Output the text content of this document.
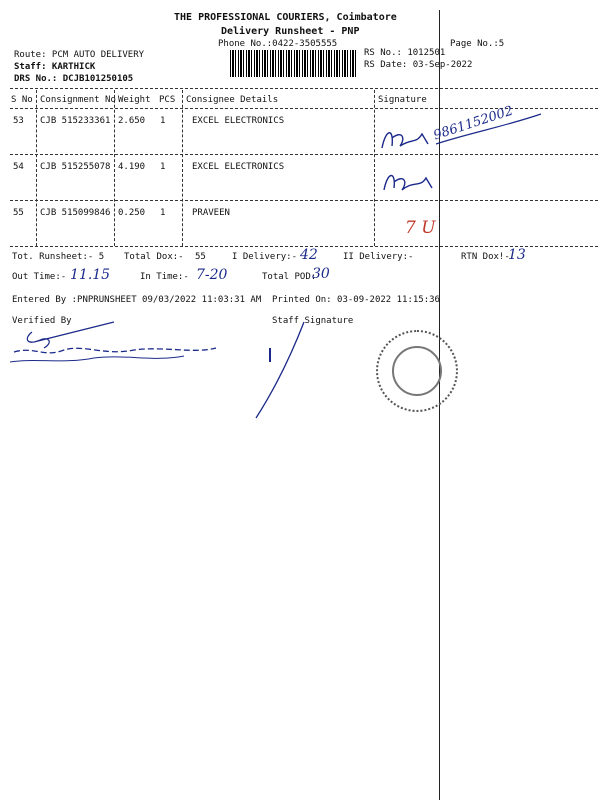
THE PROFESSIONAL COURIERS, Coimbatore
Delivery Runsheet - PNP
Phone No.:0422-3505555	Page No.:5
Route: PCM AUTO DELIVERY
Staff: KARTHICK
DRS No.: DCJB101250105
RS No.: 1012501
RS Date: 03-Sep-2022
S No Consignment No Weight PCS Consignee Details	Signature
53 CJB 515233361 2.650 1	EXCEL ELECTRONICS
54 CJB 515255078 4.190 1	EXCEL ELECTRONICS
55 CJB 515099846 0.250 1	PRAVEEN
9861152002
7 U
Tot. Runsheet:- 5 Total Dox:- 55	I Delivery:- 42	II Delivery:-	RTN Dox!-
13
Out Time:- 11.15	In Time:- 7-20	Total POD:
30
Entered By :PNPRUNSHEET 09/03/2022 11:03:31 AM Printed On: 03-09-2022 11:15:36
Verified By	Staff Signature
